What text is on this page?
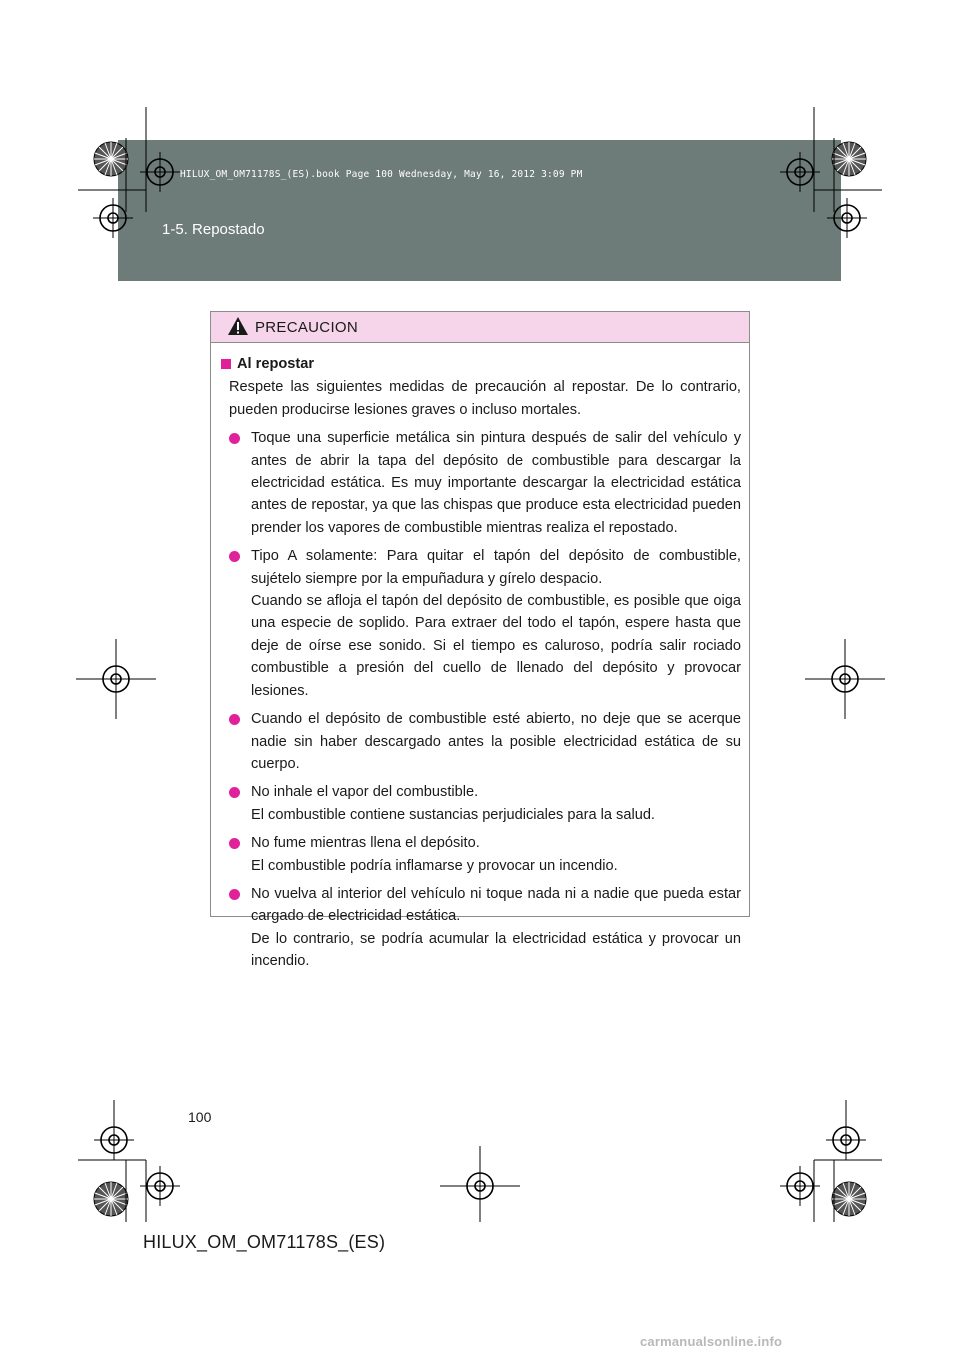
HILUX_OM_OM71178S_(ES).book Page 100 Wednesday, May 16, 2012 3:09 PM
1-5. Repostado
PRECAUCION
Al repostar
Respete las siguientes medidas de precaución al repostar. De lo contrario, pueden producirse lesiones graves o incluso mortales.

Toque una superficie metálica sin pintura después de salir del vehículo y antes de abrir la tapa del depósito de combustible para descargar la electricidad estática. Es muy importante descargar la electricidad estática antes de repostar, ya que las chispas que produce esta electricidad pueden prender los vapores de combustible mientras realiza el repostado.

Tipo A solamente: Para quitar el tapón del depósito de combustible, sujételo siempre por la empuñadura y gírelo despacio.

Cuando se afloja el tapón del depósito de combustible, es posible que oiga una especie de soplido. Para extraer del todo el tapón, espere hasta que deje de oírse ese sonido. Si el tiempo es caluroso, podría salir rociado combustible a presión del cuello de llenado del depósito y provocar lesiones.

Cuando el depósito de combustible esté abierto, no deje que se acerque nadie sin haber descargado antes la posible electricidad estática de su cuerpo.

No inhale el vapor del combustible.

El combustible contiene sustancias perjudiciales para la salud.

No fume mientras llena el depósito.

El combustible podría inflamarse y provocar un incendio.

No vuelva al interior del vehículo ni toque nada ni a nadie que pueda estar cargado de electricidad estática.

De lo contrario, se podría acumular la electricidad estática y provocar un incendio.

100
HILUX_OM_OM71178S_(ES)
carmanualsonline.info
